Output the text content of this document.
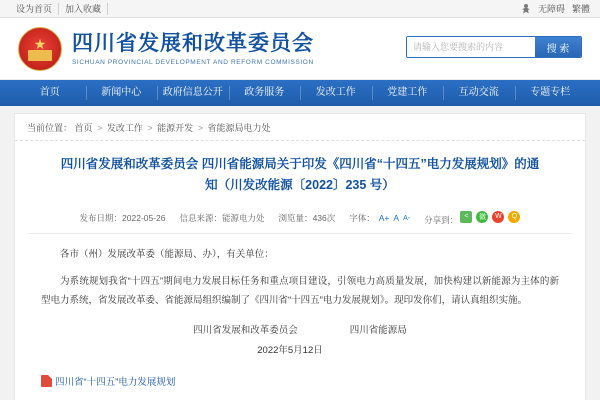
设为首页	加入收藏	无障碍 繁體
四川省发展和改革委员会
SICHUAN PROVINCIAL DEVELOPMENT AND REFORM COMMISSION
请输入您要搜索的内容
搜 索
首页	新闻中心	政府信息公开	政务服务	发改工作	党建工作	互动交流	专题专栏
当前位置： 首页 > 发改工作 > 能源开发 > 省能源局电力处
四川省发展和改革委员会 四川省能源局关于印发《四川省“十四五”电力发展规划》的通知（川发改能源〔2022〕235 号）
发布日期：2022-05-26 信息来源：能源电力处 浏览量：436次 字体： A+ A A- 分享到： <	微	W	Q

各市（州）发展改革委（能源局、办），有关单位：

为系统规划我省“十四五”期间电力发展目标任务和重点项目建设，引领电力高质量发展，加快构建以新能源为主体的新型电力系统，省发展改革委、省能源局组织编制了《四川省“十四五”电力发展规划》。现印发你们，请认真组织实施。

四川省发展和改革委员会	四川省能源局
2022年5月12日
四川省“十四五”电力发展规划
